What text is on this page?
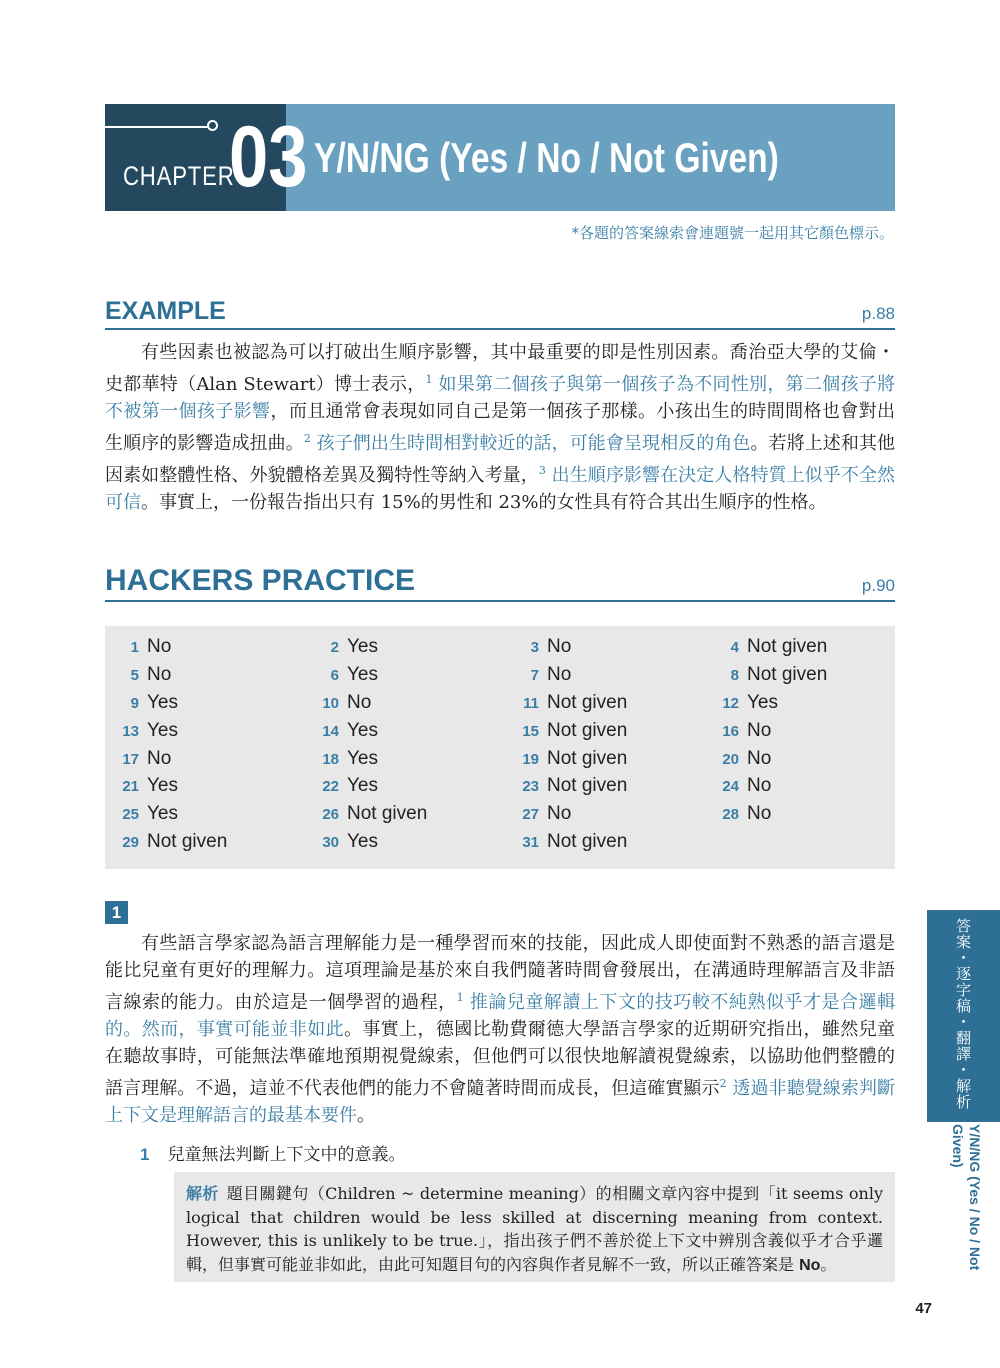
CHAPTER
03 Y/N/NG (Yes / No / Not Given)
*各題的答案線索會連題號一起用其它顏色標示。
EXAMPLE	p.88
有些因素也被認為可以打破出生順序影響，其中最重要的即是性別因素。喬治亞大學的艾倫・史都華特（Alan Stewart）博士表示，$^1$ 如果第二個孩子與第一個孩子為不同性別，第二個孩子將不被第一個孩子影響，而且通常會表現如同自己是第一個孩子那樣。小孩出生的時間間格也會對出生順序的影響造成扭曲。$^2$ 孩子們出生時間相對較近的話，可能會呈現相反的角色。若將上述和其他因素如整體性格、外貌體格差異及獨特性等納入考量，$^3$ 出生順序影響在決定人格特質上似乎不全然可信。事實上，一份報告指出只有 15%的男性和 23%的女性具有符合其出生順序的性格。
HACKERS PRACTICE	p.90
1 No	2 Yes	3 No	4 Not given
5 No	6 Yes	7 No	8 Not given
9 Yes	10 No	11 Not given	12 Yes
13 Yes	14 Yes	15 Not given	16 No
17 No	18 Yes	19 Not given	20 No
21 Yes	22 Yes	23 Not given	24 No
25 Yes	26 Not given	27 No	28 No
29 Not given	30 Yes	31 Not given
1
有些語言學家認為語言理解能力是一種學習而來的技能，因此成人即使面對不熟悉的語言還是能比兒童有更好的理解力。這項理論是基於來自我們隨著時間會發展出，在溝通時理解語言及非語言線索的能力。由於這是一個學習的過程，$^1$ 推論兒童解讀上下文的技巧較不純熟似乎才是合邏輯的。然而，事實可能並非如此。事實上，德國比勒費爾德大學語言學家的近期研究指出，雖然兒童在聽故事時，可能無法準確地預期視覺線索，但他們可以很快地解讀視覺線索，以協助他們整體的語言理解。不過，這並不代表他們的能力不會隨著時間而成長，但這確實顯示$^2$ 透過非聽覺線索判斷上下文是理解語言的最基本要件。
1 兒童無法判斷上下文中的意義。
解析 題目關鍵句（Children ~ determine meaning）的相關文章內容中提到「it seems only logical that children would be less skilled at discerning meaning from context. However, this is unlikely to be true.」，指出孩子們不善於從上下文中辨別含義似乎才合乎邏輯，但事實可能並非如此，由此可知題目句的內容與作者見解不一致，所以正確答案是 No。
答案・逐字稿・翻譯・解析
Y/N/NG (Yes / No / Not Given)
47
